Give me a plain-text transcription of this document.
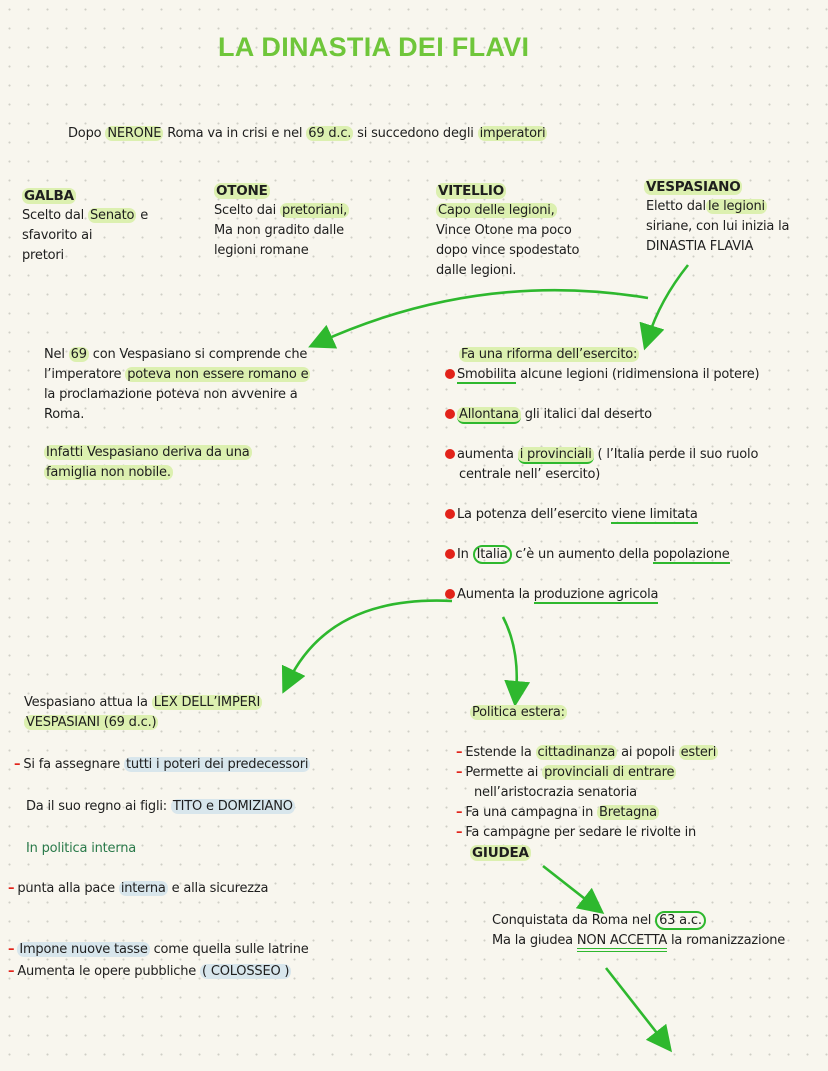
LA DINASTIA DEI FLAVI
Dopo NERONE Roma va in crisi e nel 69 d.c. si succedono degli imperatori
GALBA
Scelto dal Senato e
sfavorito ai
pretori
OTONE
Scelto dai pretoriani,
Ma non gradito dalle
legioni romane
VITELLIO
Capo delle legioni,
Vince Otone ma poco
dopo vince spodestato
dalle legioni.
VESPASIANO
Eletto dal le legioni
siriane, con lui inizia la
DINASTIA FLAVIA
Nel 69 con Vespasiano si comprende che
l’imperatore poteva non essere romano e
la proclamazione poteva non avvenire a
Roma.
Infatti Vespasiano deriva da una
famiglia non nobile.
Fa una riforma dell’esercito:
Smobilita alcune legioni (ridimensiona il potere)
Allontana gli italici dal deserto
aumenta i provinciali ( l’Italia perde il suo ruolo
centrale nell’ esercito)
La potenza dell’esercito viene limitata
In Italia c’è un aumento della popolazione
Aumenta la produzione agricola
Vespasiano attua la LEX DELL’IMPERI
VESPASIANI (69 d.c.)
– Si fa assegnare tutti i poteri dei predecessori
Da il suo regno ai figli: TITO e DOMIZIANO
In politica interna
– punta alla pace interna e alla sicurezza
– Impone nuove tasse come quella sulle latrine
– Aumenta le opere pubbliche ( COLOSSEO )
Politica estera:
– Estende la cittadinanza ai popoli esteri
– Permette ai provinciali di entrare
nell’aristocrazia senatoria
– Fa una campagna in Bretagna
– Fa campagne per sedare le rivolte in
GIUDEA
Conquistata da Roma nel 63 a.c.
Ma la giudea NON ACCETTA la romanizzazione
